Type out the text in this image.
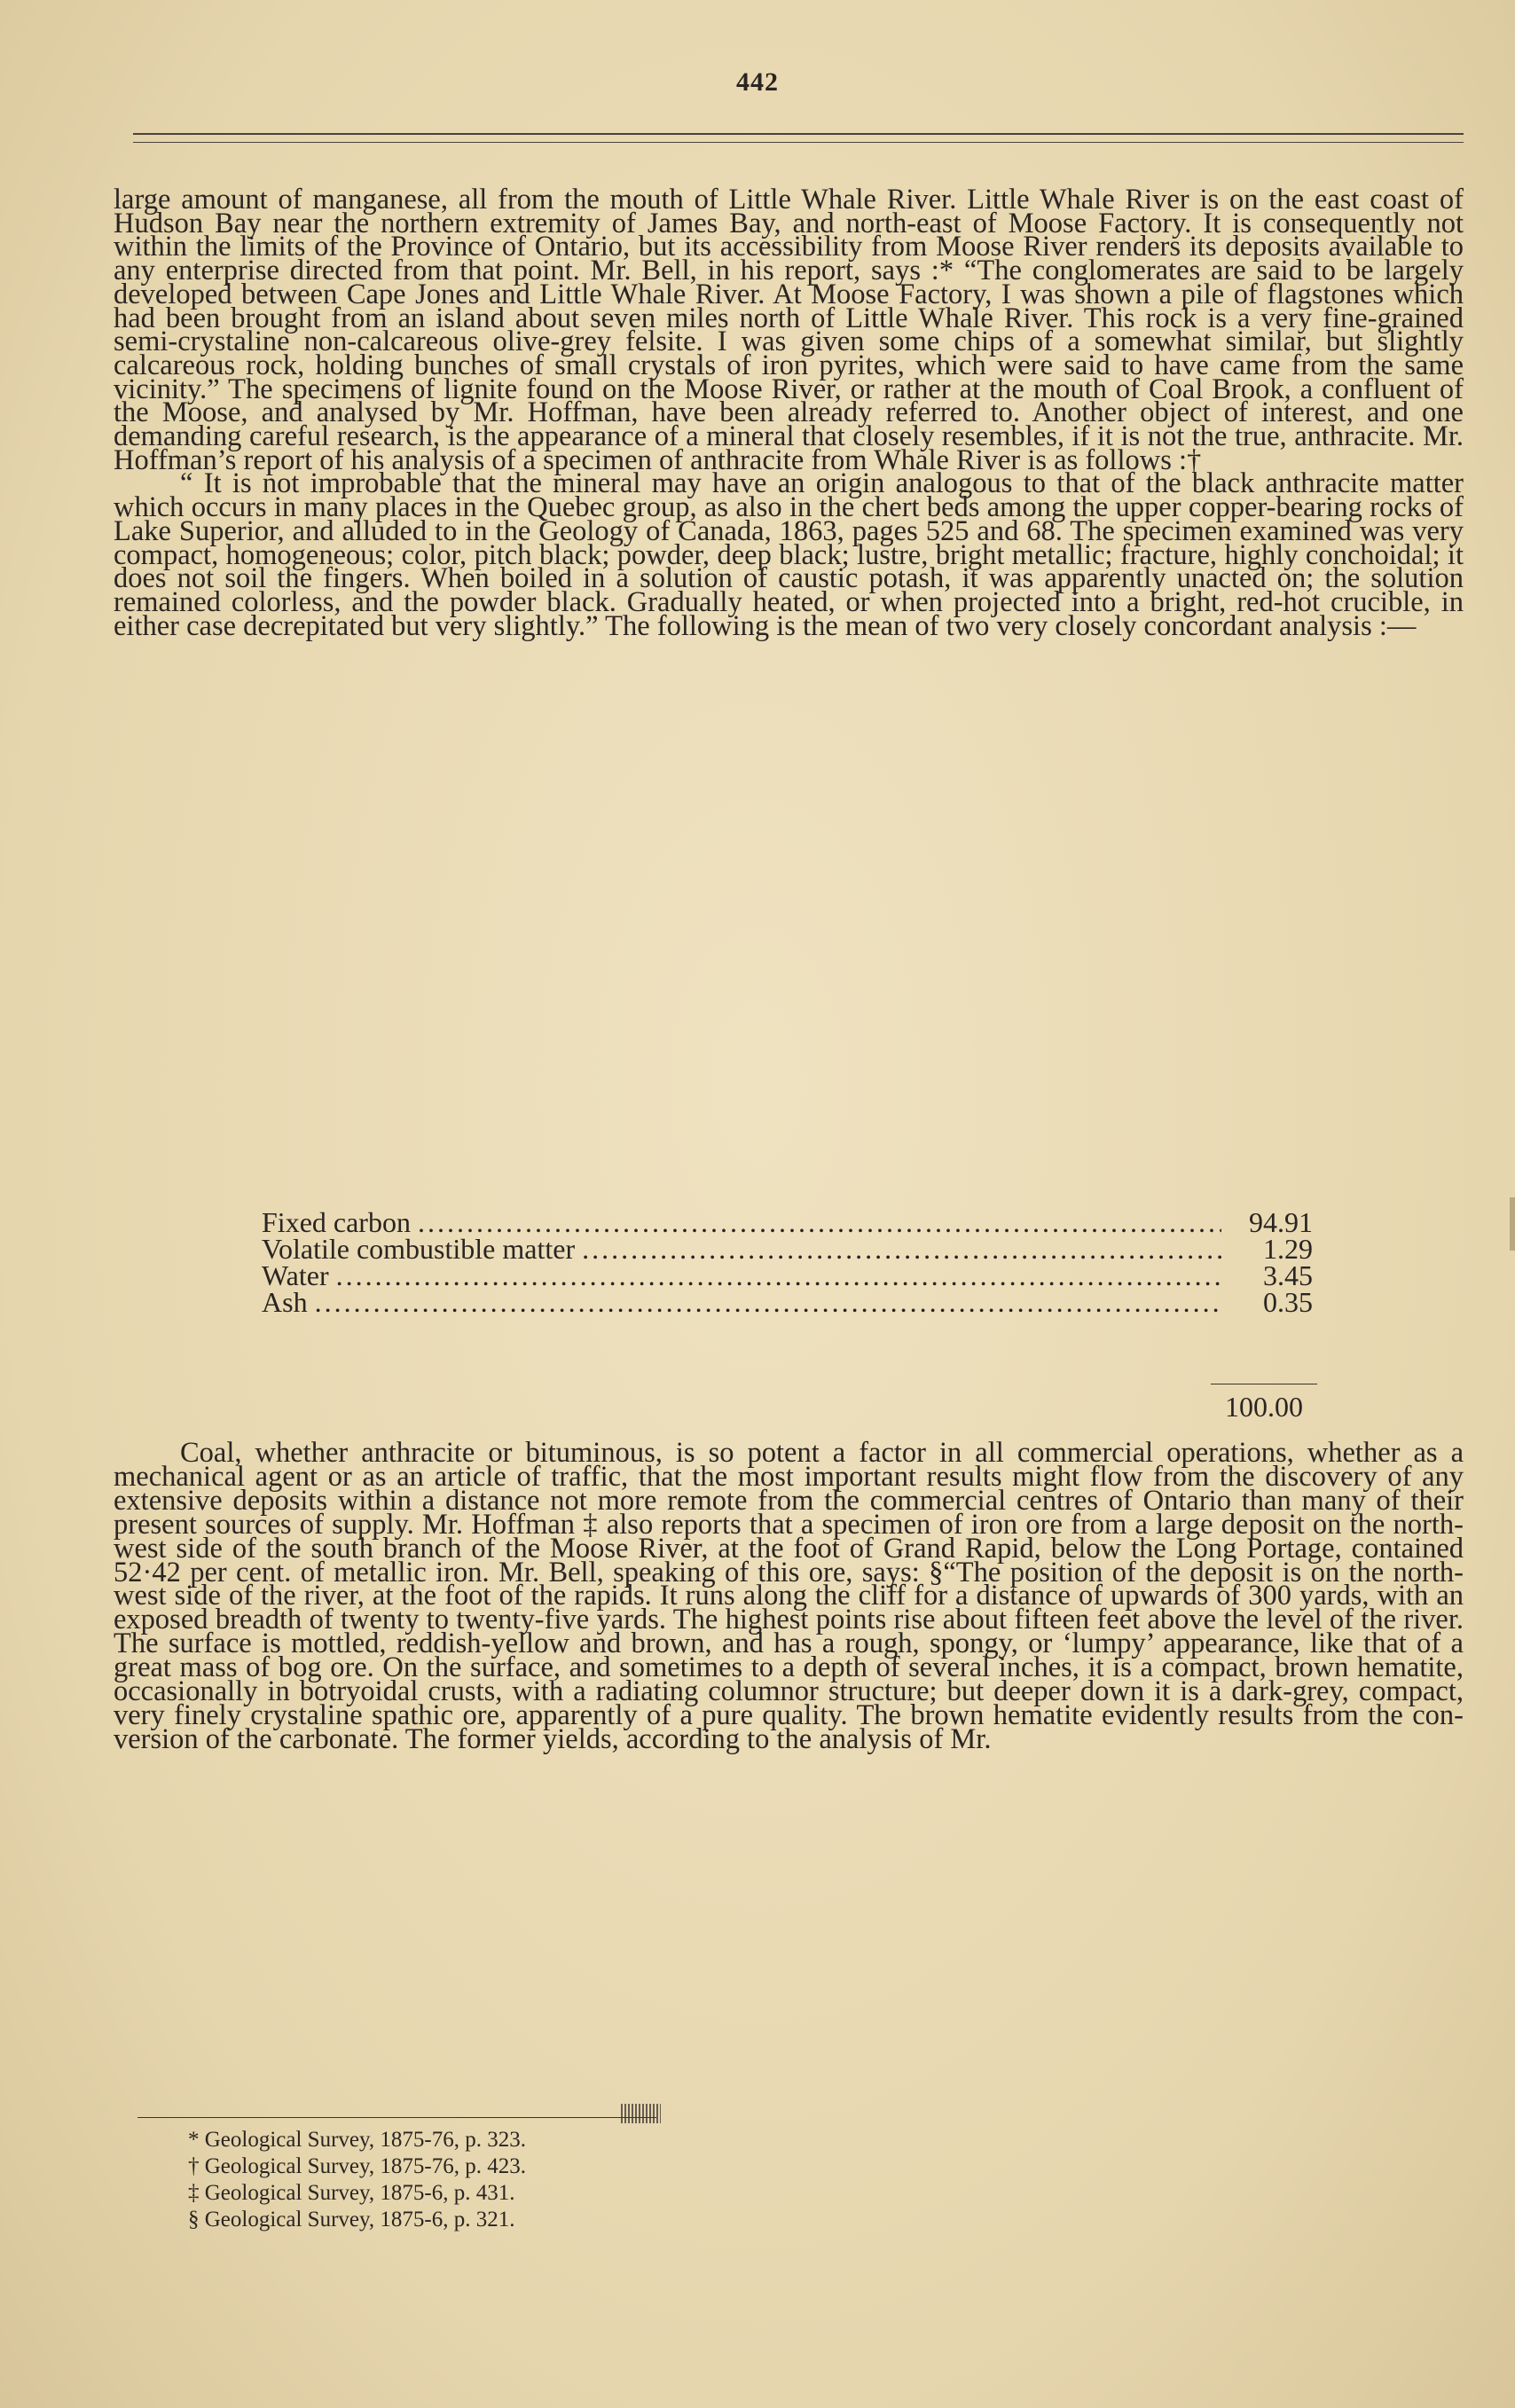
442

large amount of manganese, all from the mouth of Little Whale River. Little Whale River is on the east coast of Hudson Bay near the northern extremity of James Bay, and north-east of Moose Factory. It is consequently not within the limits of the Province of Ontario, but its accessibility from Moose River renders its deposits available to any enterprise directed from that point. Mr. Bell, in his report, says :* “The conglomerates are said to be largely developed between Cape Jones and Little Whale River. At Moose Factory, I was shown a pile of flagstones which had been brought from an island about seven miles north of Little Whale River. This rock is a very fine-grained semi-crystaline non-calcareous olive-grey felsite. I was given some chips of a somewhat similar, but slightly calcareous rock, holding bunches of small crystals of iron pyrites, which were said to have came from the same vicinity.” The specimens of lignite found on the Moose River, or rather at the mouth of Coal Brook, a confluent of the Moose, and analysed by Mr. Hoffman, have been already referred to. Another object of interest, and one demanding careful research, is the appearance of a mineral that closely resembles, if it is not the true, anthracite. Mr. Hoffman’s report of his analysis of a specimen of anthracite from Whale River is as follows :†

“ It is not improbable that the mineral may have an origin analogous to that of the black anthracite matter which occurs in many places in the Quebec group, as also in the chert beds among the upper copper-bearing rocks of Lake Superior, and alluded to in the Geology of Canada, 1863, pages 525 and 68. The specimen examined was very compact, homogeneous; color, pitch black; powder, deep black; lustre, bright metallic; fracture, highly conchoidal; it does not soil the fingers. When boiled in a solution of caustic potash, it was apparently unacted on; the solution remained colorless, and the powder black. Gradually heated, or when projected into a bright, red-hot crucible, in either case decrepitated but very slightly.” The following is the mean of two very closely concordant analysis :—

Fixed carbon .....	94.91
Volatile combustible matter .....	1.29
Water .....	3.45
Ash .....	0.35
100.00

Coal, whether anthracite or bituminous, is so potent a factor in all commercial operations, whether as a mechanical agent or as an article of traffic, that the most important results might flow from the discovery of any extensive deposits within a distance not more remote from the commercial centres of Ontario than many of their present sources of supply. Mr. Hoffman ‡ also reports that a specimen of iron ore from a large deposit on the north-west side of the south branch of the Moose River, at the foot of Grand Rapid, below the Long Portage, contained 52·42 per cent. of metallic iron. Mr. Bell, speaking of this ore, says: §“The position of the deposit is on the north-west side of the river, at the foot of the rapids. It runs along the cliff for a distance of upwards of 300 yards, with an exposed breadth of twenty to twenty-five yards. The highest points rise about fifteen feet above the level of the river. The surface is mottled, reddish-yellow and brown, and has a rough, spongy, or ‘lumpy’ appearance, like that of a great mass of bog ore. On the surface, and sometimes to a depth of several inches, it is a compact, brown hematite, occasionally in botryoidal crusts, with a radiating columnor structure; but deeper down it is a dark-grey, compact, very finely crystaline spathic ore, apparently of a pure quality. The brown hematite evidently results from the con- version of the carbonate. The former yields, according to the analysis of Mr.

* Geological Survey, 1875-76, p. 323.
† Geological Survey, 1875-76, p. 423.
‡ Geological Survey, 1875-6, p. 431.
§ Geological Survey, 1875-6, p. 321.
